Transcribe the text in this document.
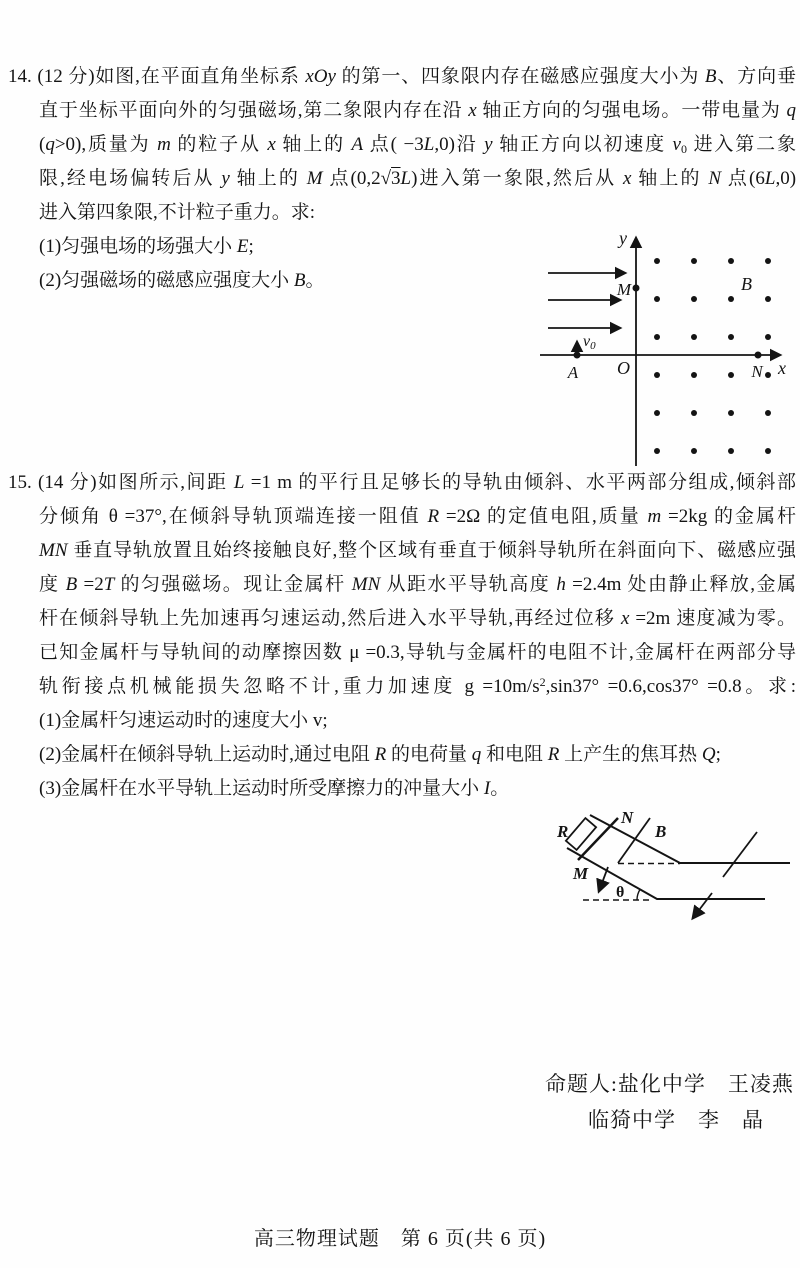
14. (12 分)如图,在平面直角坐标系 xOy 的第一、四象限内存在磁感应强度大小为 B、方向垂
直于坐标平面向外的匀强磁场,第二象限内存在沿 x 轴正方向的匀强电场。一带电量为 q
(q>0),质量为 m 的粒子从 x 轴上的 A 点( −3L,0)沿 y 轴正方向以初速度 $v_0$ 进入第二象
限,经电场偏转后从 y 轴上的 M 点(0,2√3L)进入第一象限,然后从 x 轴上的 N 点(6L,0)
进入第四象限,不计粒子重力。求:
(1)匀强电场的场强大小 E;
(2)匀强磁场的磁感应强度大小 B。
y
x
O
M	B
N
A
v0
15. (14 分)如图所示,间距 L =1 m 的平行且足够长的导轨由倾斜、水平两部分组成,倾斜部
分倾角 θ =37°,在倾斜导轨顶端连接一阻值 R =2Ω 的定值电阻,质量 m =2kg 的金属杆
MN 垂直导轨放置且始终接触良好,整个区域有垂直于倾斜导轨所在斜面向下、磁感应强
度 B =2T 的匀强磁场。现让金属杆 MN 从距水平导轨高度 h =2.4m 处由静止释放,金属
杆在倾斜导轨上先加速再匀速运动,然后进入水平导轨,再经过位移 x =2m 速度减为零。
已知金属杆与导轨间的动摩擦因数 μ =0.3,导轨与金属杆的电阻不计,金属杆在两部分导
轨衔接点机械能损失忽略不计,重力加速度 $g =10m/s^2,\sin 37^\circ =0.6,\cos 37^\circ =0.8$。求:
(1)金属杆匀速运动时的速度大小 v;
(2)金属杆在倾斜导轨上运动时,通过电阻 R 的电荷量 q 和电阻 R 上产生的焦耳热 Q;
(3)金属杆在水平导轨上运动时所受摩擦力的冲量大小 I。
R
N
B
M
θ
命题人:盐化中学　王凌燕
临猗中学　李　晶
高三物理试题　第 6 页(共 6 页)
